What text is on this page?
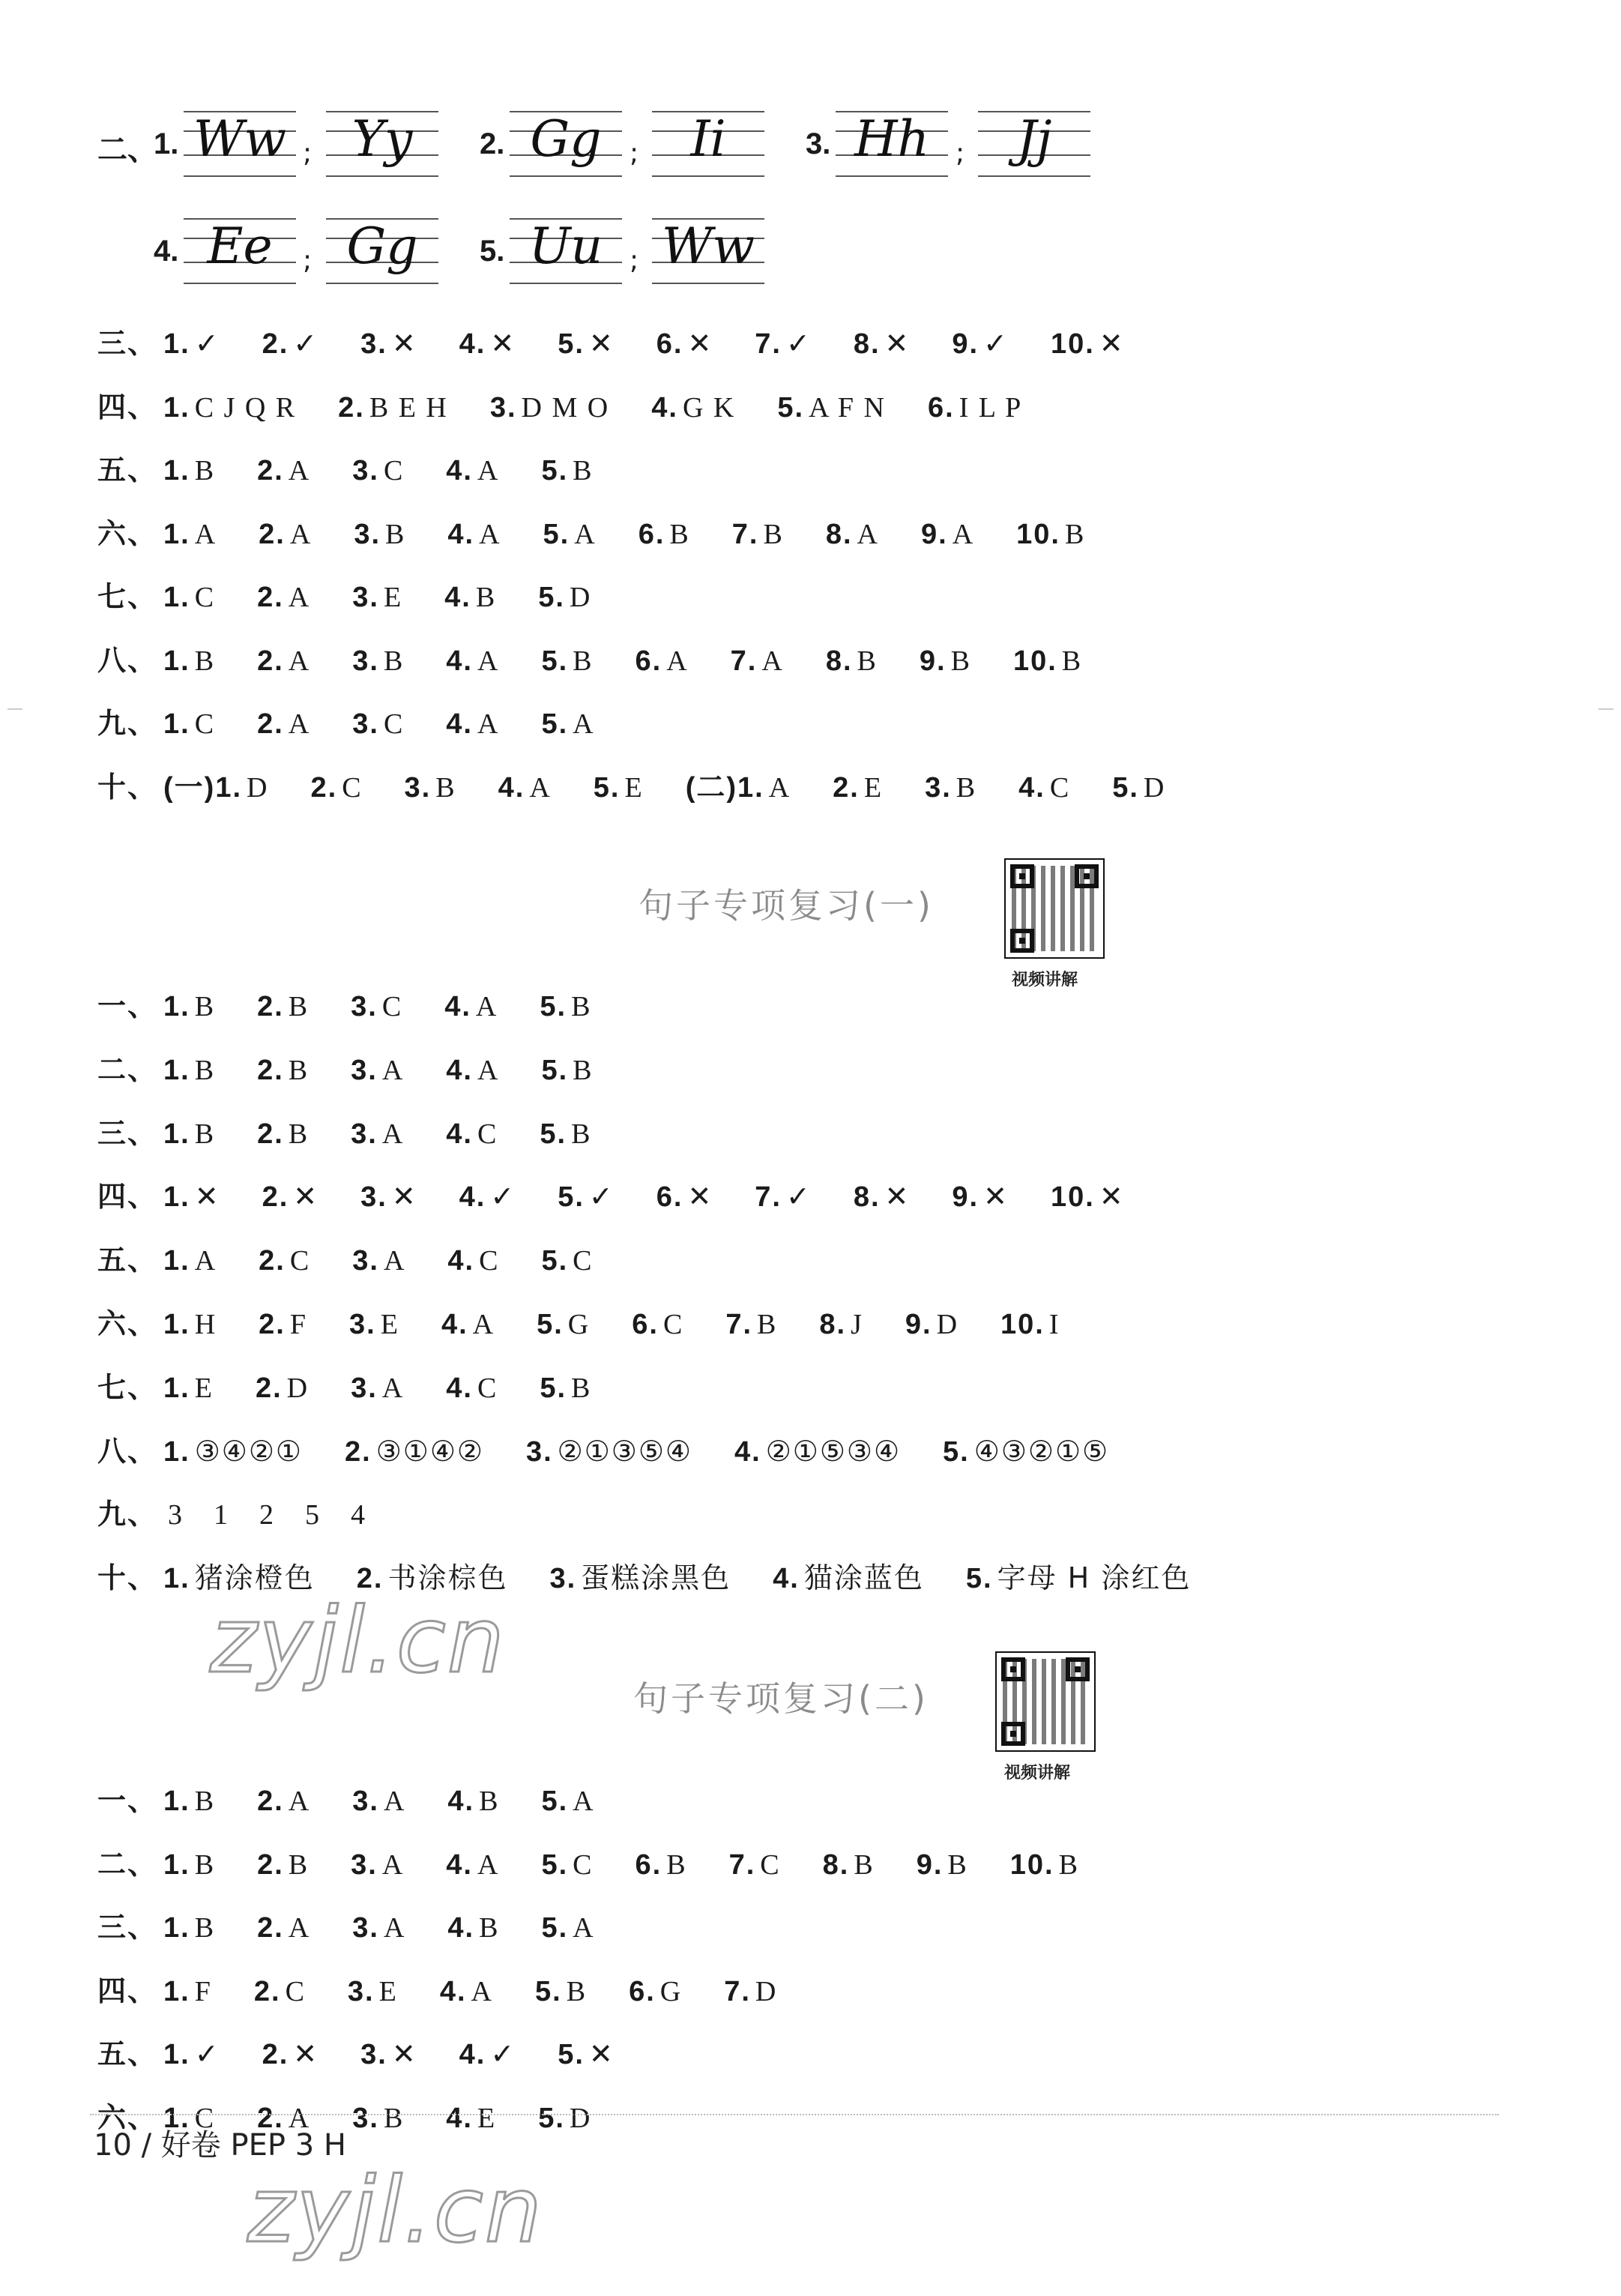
二、
1. Ww ; Yy	2. Gg	;	Ii	3. Hh ;	Jj
4. Ee	; Gg	5. Uu ; Ww
三、 1. ✓ 2. ✓ 3. ✕ 4. ✕ 5. ✕ 6. ✕ 7. ✓ 8. ✕ 9. ✓ 10. ✕
四、 1. C J Q R 2. B E H 3. D M O 4. G K 5. A F N 6. I L P
五、 1. B 2. A 3. C 4. A 5. B
六、 1. A 2. A 3. B 4. A 5. A 6. B 7. B 8. A 9. A 10. B
七、 1. C 2. A 3. E 4. B 5. D
八、 1. B 2. A 3. B 4. A 5. B 6. A 7. A 8. B 9. B 10. B
九、 1. C 2. A 3. C 4. A 5. A
十、 (一)1. D 2. C 3. B 4. A 5. E (二)1. A 2. E 3. B 4. C 5. D
句子专项复习(一)
视频讲解
一、 1. B 2. B 3. C 4. A 5. B
二、 1. B 2. B 3. A 4. A 5. B
三、 1. B 2. B 3. A 4. C 5. B
四、 1. ✕ 2. ✕ 3. ✕ 4. ✓ 5. ✓ 6. ✕ 7. ✓ 8. ✕ 9. ✕ 10. ✕
五、 1. A 2. C 3. A 4. C 5. C
六、 1. H 2. F 3. E 4. A 5. G 6. C 7. B 8. J 9. D 10. I
七、 1. E 2. D 3. A 4. C 5. B
八、 1. ③④②① 2. ③①④② 3. ②①③⑤④ 4. ②①⑤③④ 5. ④③②①⑤
九、 3　1　2　5　4
十、 1. 猪涂橙色 2. 书涂棕色 3. 蛋糕涂黑色 4. 猫涂蓝色 5. 字母 H 涂红色
zyjl.cn
句子专项复习(二)
视频讲解
一、 1. B 2. A 3. A 4. B 5. A
二、 1. B 2. B 3. A 4. A 5. C 6. B 7. C 8. B 9. B 10. B
三、 1. B 2. A 3. A 4. B 5. A
四、 1. F 2. C 3. E 4. A 5. B 6. G 7. D
五、 1. ✓ 2. ✕ 3. ✕ 4. ✓ 5. ✕
六、 1. C 2. A 3. B 4. E 5. D
10 / 好卷 PEP 3 H
zyjl.cn
